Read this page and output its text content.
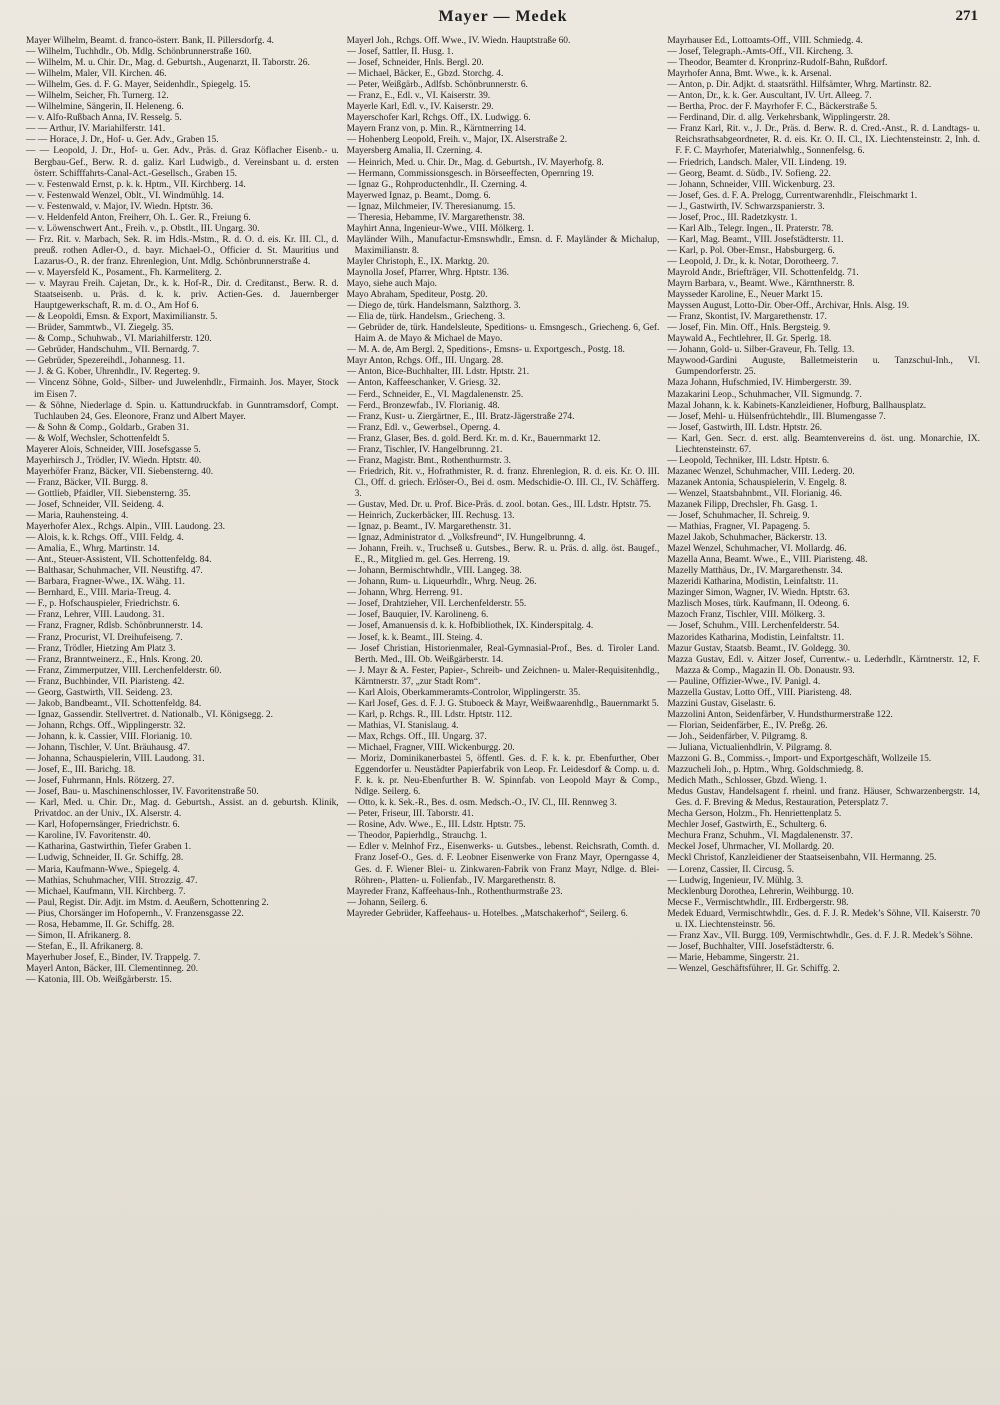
Mayer — Medek	271

Mayer Wilhelm, Beamt. d. franco-österr. Bank, II. Pillersdorfg. 4.

— Wilhelm, Tuchhdlr., Ob. Mdlg. Schönbrunnerstraße 160.

— Wilhelm, M. u. Chir. Dr., Mag. d. Geburtsh., Augenarzt, II. Taborstr. 26.

— Wilhelm, Maler, VII. Kirchen. 46.

— Wilhelm, Ges. d. F. G. Mayer, Seidenhdlr., Spiegelg. 15.

— Wilhelm, Seicher, Fh. Turnerg. 12.

— Wilhelmine, Sängerin, II. Heleneng. 6.

— v. Alfo-Rußbach Anna, IV. Resselg. 5.

— — Arthur, IV. Mariahilferstr. 141.

— — Horace, J. Dr., Hof- u. Ger. Adv., Graben 15.

— — Leopold, J. Dr., Hof- u. Ger. Adv., Präs. d. Graz Köflacher Eisenb.- u. Bergbau-Gef., Berw. R. d. galiz. Karl Ludwigb., d. Vereinsbant u. d. ersten österr. Schifffahrts-Canal-Act.-Gesellsch., Graben 15.

— v. Festenwald Ernst, p. k. k. Hptm., VII. Kirchberg. 14.

— v. Festenwald Wenzel, Oblt., VI. Windmühlg. 14.

— v. Festenwald, v. Major, IV. Wiedn. Hptstr. 36.

— v. Heldenfeld Anton, Freiherr, Oh. L. Ger. R., Freiung 6.

— v. Löwenschwert Ant., Freih. v., p. Obstlt., III. Ungarg. 30.

— Frz. Rit. v. Marbach, Sek. R. im Hdls.-Mstm., R. d. O. d. eis. Kr. III. Cl., d. preuß. rothen Adler-O., d. bayr. Michael-O., Officier d. St. Mauritius und Lazarus-O., R. der franz. Ehrenlegion, Unt. Mdlg. Schönbrunnerstraße 4.

— v. Mayersfeld K., Posament., Fh. Karmeliterg. 2.

— v. Mayrau Freih. Cajetan, Dr., k. k. Hof-R., Dir. d. Creditanst., Berw. R. d. Staatseisenb. u. Präs. d. k. k. priv. Actien-Ges. d. Jauernberger Hauptgewerkschaft, R. m. d. O., Am Hof 6.

— & Leopoldi, Emsn. & Export, Maximilianstr. 5.

— Brüder, Sammtwb., VI. Ziegelg. 35.

— & Comp., Schuhwab., VI. Mariahilferstr. 120.

— Gebrüder, Handschuhm., VII. Bernardg. 7.

— Gebrüder, Spezereihdl., Johannesg. 11.

— J. & G. Kober, Uhrenhdlr., IV. Regerteg. 9.

— Vincenz Söhne, Gold-, Silber- und Juwelenhdlr., Firmainh. Jos. Mayer, Stock im Eisen 7.

— & Söhne, Niederlage d. Spin. u. Kattundruckfab. in Gunntramsdorf, Compt. Tuchlauben 24, Ges. Eleonore, Franz und Albert Mayer.

— & Sohn & Comp., Goldarb., Graben 31.

— & Wolf, Wechsler, Schottenfeldt 5.

Mayerer Alois, Schneider, VIII. Josefsgasse 5.

Mayerhirsch J., Trödler, IV. Wiedn. Hptstr. 40.

Mayerhöfer Franz, Bäcker, VII. Siebensterng. 40.

— Franz, Bäcker, VII. Burgg. 8.

— Gottlieb, Pfaidler, VII. Siebensterng. 35.

— Josef, Schneider, VII. Seideng. 4.

— Maria, Rauhensteing. 4.

Mayerhofer Alex., Rchgs. Alpin., VIII. Laudong. 23.

— Alois, k. k. Rchgs. Off., VIII. Feldg. 4.

— Amalia, E., Whrg. Martinstr. 14.

— Ant., Steuer-Assistent, VII. Schottenfeldg. 84.

— Balthasar, Schuhmacher, VII. Neustiftg. 47.

— Barbara, Fragner-Wwe., IX. Wähg. 11.

— Bernhard, E., VIII. Maria-Treug. 4.

— F., p. Hofschauspieler, Friedrichstr. 6.

— Franz, Lehrer, VIII. Laudong. 31.

— Franz, Fragner, Rdlsb. Schönbrunnerstr. 14.

— Franz, Procurist, VI. Dreihufeiseng. 7.

— Franz, Trödler, Hietzing Am Platz 3.

— Franz, Branntweinerz., E., Hnls. Krong. 20.

— Franz, Zimmerputzer, VIII. Lerchenfelderstr. 60.

— Franz, Buchbinder, VII. Piaristeng. 42.

— Georg, Gastwirth, VII. Seideng. 23.

— Jakob, Bandbeamt., VII. Schottenfeldg. 84.

— Ignaz, Gassendir. Stellvertret. d. Nationalb., VI. Königsegg. 2.

— Johann, Rchgs. Off., Wipplingerstr. 32.

— Johann, k. k. Cassier, VIII. Florianig. 10.

— Johann, Tischler, V. Unt. Bräuhausg. 47.

— Johanna, Schauspielerin, VIII. Laudong. 31.

— Josef, E., III. Barichg. 18.

— Josef, Fuhrmann, Hnls. Rötzerg. 27.

— Josef, Bau- u. Maschinenschlosser, IV. Favoritenstraße 50.

— Karl, Med. u. Chir. Dr., Mag. d. Geburtsh., Assist. an d. geburtsh. Klinik, Privatdoc. an der Univ., IX. Alserstr. 4.

— Karl, Hofopernsänger, Friedrichstr. 6.

— Karoline, IV. Favoritenstr. 40.

— Katharina, Gastwirthin, Tiefer Graben 1.

— Ludwig, Schneider, II. Gr. Schiffg. 28.

— Maria, Kaufmann-Wwe., Spiegelg. 4.

— Mathias, Schuhmacher, VIII. Strozzig. 47.

— Michael, Kaufmann, VII. Kirchberg. 7.

— Paul, Regist. Dir. Adjt. im Mstm. d. Aeußern, Schottenring 2.

— Pius, Chorsänger im Hofopernh., V. Franzensgasse 22.

— Rosa, Hebamme, II. Gr. Schiffg. 28.

— Simon, II. Afrikanerg. 8.

— Stefan, E., II. Afrikanerg. 8.

Mayerhuber Josef, E., Binder, IV. Trappelg. 7.

Mayerl Anton, Bäcker, III. Clementinneg. 20.

— Katonia, III. Ob. Weißgärberstr. 15.

Mayerl Joh., Rchgs. Off. Wwe., IV. Wiedn. Hauptstraße 60.

— Josef, Sattler, II. Husg. 1.

— Josef, Schneider, Hnls. Bergl. 20.

— Michael, Bäcker, E., Gbzd. Storchg. 4.

— Peter, Weißgärb., Adlfsb. Schönbrunnerstr. 6.

— Franz, E., Edl. v., VI. Kaiserstr. 39.

Mayerle Karl, Edl. v., IV. Kaiserstr. 29.

Mayerschofer Karl, Rchgs. Off., IX. Ludwigg. 6.

Mayern Franz von, p. Min. R., Kärntnerring 14.

— Hohenberg Leopold, Freih. v., Major, IX. Alserstraße 2.

Mayersberg Amalia, II. Czerning. 4.

— Heinrich, Med. u. Chir. Dr., Mag. d. Geburtsh., IV. Mayerhofg. 8.

— Hermann, Commissionsgesch. in Börseeffecten, Opernring 19.

— Ignaz G., Rohproductenhdlr., II. Czerning. 4.

Mayerwed Ignaz, p. Beamt., Domg. 6.

— Ignaz, Milchmeier, IV. Theresianumg. 15.

— Theresia, Hebamme, IV. Margarethenstr. 38.

Mayhirt Anna, Ingenieur-Wwe., VIII. Mölkerg. 1.

Mayländer Wilh., Manufactur-Emsnswhdlr., Emsn. d. F. Mayländer & Michalup, Maximilianstr. 8.

Mayler Christoph, E., IX. Marktg. 20.

Maynolla Josef, Pfarrer, Whrg. Hptstr. 136.

Mayo, siehe auch Majo.

Mayo Abraham, Spediteur, Postg. 20.

— Diego de, türk. Handelsmann, Salzthorg. 3.

— Elia de, türk. Handelsm., Griecheng. 3.

— Gebrüder de, türk. Handelsleute, Speditions- u. Emsngesch., Griecheng. 6, Gef. Haim A. de Mayo & Michael de Mayo.

— M. A. de, Am Bergl. 2, Speditions-, Emsns- u. Exportgesch., Postg. 18.

Mayr Anton, Rchgs. Off., III. Ungarg. 28.

— Anton, Bice-Buchhalter, III. Ldstr. Hptstr. 21.

— Anton, Kaffeeschanker, V. Griesg. 32.

— Ferd., Schneider, E., VI. Magdalenenstr. 25.

— Ferd., Bronzewfab., IV. Florianig. 48.

— Franz, Kust- u. Ziergärtner, E., III. Bratz-Jägerstraße 274.

— Franz, Edl. v., Gewerbsel., Operng. 4.

— Franz, Glaser, Bes. d. gold. Berd. Kr. m. d. Kr., Bauernmarkt 12.

— Franz, Tischler, IV. Hangelbrunng. 21.

— Franz, Magistr. Bmt., Rothenthurmstr. 3.

— Friedrich, Rit. v., Hofrathmister, R. d. franz. Ehrenlegion, R. d. eis. Kr. O. III. Cl., Off. d. griech. Erlöser-O., Bei d. osm. Medschidie-O. III. Cl., IV. Schäfferg. 3.

— Gustav, Med. Dr. u. Prof. Bice-Präs. d. zool. botan. Ges., III. Ldstr. Hptstr. 75.

— Heinrich, Zuckerbäcker, III. Rechusg. 13.

— Ignaz, p. Beamt., IV. Margarethenstr. 31.

— Ignaz, Administrator d. „Volksfreund“, IV. Hungelbrunng. 4.

— Johann, Freih. v., Truchseß u. Gutsbes., Berw. R. u. Präs. d. allg. öst. Baugef., E., R., Mitglied m. gel. Ges. Herreng. 19.

— Johann, Bermischtwhdlr., VIII. Langeg. 38.

— Johann, Rum- u. Liqueurhdlr., Whrg. Neug. 26.

— Johann, Whrg. Herreng. 91.

— Josef, Drahtzieher, VII. Lerchenfelderstr. 55.

— Josef, Bauquier, IV. Karolineng. 6.

— Josef, Amanuensis d. k. k. Hofbibliothek, IX. Kinderspitalg. 4.

— Josef, k. k. Beamt., III. Steing. 4.

— Josef Christian, Historienmaler, Real-Gymnasial-Prof., Bes. d. Tiroler Land. Berth. Med., III. Ob. Weißgärberstr. 14.

— J. Mayr & A. Fester, Papier-, Schreib- und Zeichnen- u. Maler-Requisitenhdlg., Kärntnerstr. 37, „zur Stadt Rom“.

— Karl Alois, Oberkammeramts-Controlor, Wipplingerstr. 35.

— Karl Josef, Ges. d. F. J. G. Stuboeck & Mayr, Weißwaarenhdlg., Bauernmarkt 5.

— Karl, p. Rchgs. R., III. Ldstr. Hptstr. 112.

— Mathias, VI. Stanislaug. 4.

— Max, Rchgs. Off., III. Ungarg. 37.

— Michael, Fragner, VIII. Wickenburgg. 20.

— Moriz, Dominikanerbastei 5, öffentl. Ges. d. F. k. k. pr. Ebenfurther, Ober Eggendorfer u. Neustädter Papierfabrik von Leop. Fr. Leidesdorf & Comp. u. d. F. k. k. pr. Neu-Ebenfurther B. W. Spinnfab. von Leopold Mayr & Comp., Ndlge. Seilerg. 6.

— Otto, k. k. Sek.-R., Bes. d. osm. Medsch.-O., IV. Cl., III. Rennweg 3.

— Peter, Friseur, III. Taborstr. 41.

— Rosine, Adv. Wwe., E., III. Ldstr. Hptstr. 75.

— Theodor, Papierhdlg., Strauchg. 1.

— Edler v. Melnhof Frz., Eisenwerks- u. Gutsbes., lebenst. Reichsrath, Comth. d. Franz Josef-O., Ges. d. F. Leobner Eisenwerke von Franz Mayr, Operngasse 4, Ges. d. F. Wiener Blei- u. Zinkwaren-Fabrik von Franz Mayr, Ndlge. d. Blei-Röhren-, Platten- u. Folienfab., IV. Margarethenstr. 8.

Mayreder Franz, Kaffeehaus-Inh., Rothenthurmstraße 23.

— Johann, Seilerg. 6.

Mayreder Gebrüder, Kaffeehaus- u. Hotelbes. „Matschakerhof“, Seilerg. 6.

Mayrhauser Ed., Lottoamts-Off., VIII. Schmiedg. 4.

— Josef, Telegraph.-Amts-Off., VII. Kircheng. 3.

— Theodor, Beamter d. Kronprinz-Rudolf-Bahn, Rußdorf.

Mayrhofer Anna, Bmt. Wwe., k. k. Arsenal.

— Anton, p. Dir. Adjkt. d. staatsräthl. Hilfsämter, Whrg. Martinstr. 82.

— Anton, Dr., k. k. Ger. Auscultant, IV. Urt. Alleeg. 7.

— Bertha, Proc. der F. Mayrhofer F. C., Bäckerstraße 5.

— Ferdinand, Dir. d. allg. Verkehrsbank, Wipplingerstr. 28.

— Franz Karl, Rit. v., J. Dr., Präs. d. Berw. R. d. Cred.-Anst., R. d. Landtags- u. Reichsrathsabgeordneter, R. d. eis. Kr. O. II. Cl., IX. Liechtensteinstr. 2, Inh. d. F. F. C. Mayrhofer, Materialwhlg., Sonnenfelsg. 6.

— Friedrich, Landsch. Maler, VII. Lindeng. 19.

— Georg, Beamt. d. Südb., IV. Sofieng. 22.

— Johann, Schneider, VIII. Wickenburg. 23.

— Josef, Ges. d. F. A. Prelogg, Currentwarenhdlr., Fleischmarkt 1.

— J., Gastwirth, IV. Schwarzspanierstr. 3.

— Josef, Proc., III. Radetzkystr. 1.

— Karl Alb., Telegr. Ingen., II. Praterstr. 78.

— Karl, Mag. Beamt., VIII. Josefstädterstr. 11.

— Karl, p. Pol. Ober-Emsr., Habsburgerg. 6.

— Leopold, J. Dr., k. k. Notar, Dorotheerg. 7.

Mayrold Andr., Briefträger, VII. Schottenfeldg. 71.

Mayrn Barbara, v., Beamt. Wwe., Kärnthnerstr. 8.

Maysseder Karoline, E., Neuer Markt 15.

Mayssen August, Lotto-Dir. Ober-Off., Archivar, Hnls. Alsg. 19.

— Franz, Skontist, IV. Margarethenstr. 17.

— Josef, Fin. Min. Off., Hnls. Bergsteig. 9.

Maywald A., Fechtlehrer, II. Gr. Sperlg. 18.

— Johann, Gold- u. Silber-Graveur, Fh. Tellg. 13.

Maywood-Gardini Auguste, Balletmeisterin u. Tanzschul-Inh., VI. Gumpendorferstr. 25.

Maza Johann, Hufschmied, IV. Himbergerstr. 39.

Mazakarini Leop., Schuhmacher, VII. Sigmundg. 7.

Mazal Johann, k. k. Kabinets-Kanzleidiener, Hofburg, Ballhausplatz.

— Josef, Mehl- u. Hülsenfrüchtehdlr., III. Blumengasse 7.

— Josef, Gastwirth, III. Ldstr. Hptstr. 26.

— Karl, Gen. Secr. d. erst. allg. Beamtenvereins d. öst. ung. Monarchie, IX. Liechtensteinstr. 67.

— Leopold, Techniker, III. Ldstr. Hptstr. 6.

Mazanec Wenzel, Schuhmacher, VIII. Lederg. 20.

Mazanek Antonia, Schauspielerin, V. Engelg. 8.

— Wenzel, Staatsbahnbmt., VII. Florianig. 46.

Mazanek Filipp, Drechsler, Fh. Gasg. 1.

— Josef, Schuhmacher, II. Schreig. 9.

— Mathias, Fragner, VI. Papageng. 5.

Mazel Jakob, Schuhmacher, Bäckerstr. 13.

Mazel Wenzel, Schuhmacher, VI. Mollardg. 46.

Mazella Anna, Beamt. Wwe., E., VIII. Piaristeng. 48.

Mazelly Matthäus, Dr., IV. Margarethenstr. 34.

Mazeridi Katharina, Modistin, Leinfaltstr. 11.

Mazinger Simon, Wagner, IV. Wiedn. Hptstr. 63.

Mazlisch Moses, türk. Kaufmann, II. Odeong. 6.

Mazoch Franz, Tischler, VIII. Mölkerg. 3.

— Josef, Schuhm., VIII. Lerchenfelderstr. 54.

Mazorides Katharina, Modistin, Leinfaltstr. 11.

Mazur Gustav, Staatsb. Beamt., IV. Goldegg. 30.

Mazza Gustav, Edl. v. Aitzer Josef, Currentw.- u. Lederhdlr., Kärntnerstr. 12, F. Mazza & Comp., Magazin II. Ob. Donaustr. 93.

— Pauline, Offizier-Wwe., IV. Panigl. 4.

Mazzella Gustav, Lotto Off., VIII. Piaristeng. 48.

Mazzini Gustav, Giselastr. 6.

Mazzolini Anton, Seidenfärber, V. Hundsthurmerstraße 122.

— Florian, Seidenfärber, E., IV. Preßg. 26.

— Joh., Seidenfärber, V. Pilgramg. 8.

— Juliana, Victualienhdlrin, V. Pilgramg. 8.

Mazzoni G. B., Commiss.-, Import- und Exportgeschäft, Wollzeile 15.

Mazzucheli Joh., p. Hptm., Whrg. Goldschmiedg. 8.

Medich Math., Schlosser, Gbzd. Wieng. 1.

Medus Gustav, Handelsagent f. rheinl. und franz. Häuser, Schwarzenbergstr. 14, Ges. d. F. Breving & Medus, Restauration, Petersplatz 7.

Mecha Gerson, Holzm., Fh. Henriettenplatz 5.

Mechler Josef, Gastwirth, E., Schulterg. 6.

Mechura Franz, Schuhm., VI. Magdalenenstr. 37.

Meckel Josef, Uhrmacher, VI. Mollardg. 20.

Meckl Christof, Kanzleidiener der Staatseisenbahn, VII. Hermanng. 25.

— Lorenz, Cassier, II. Circusg. 5.

— Ludwig, Ingenieur, IV. Mühlg. 3.

Mecklenburg Dorothea, Lehrerin, Weihburgg. 10.

Mecse F., Vermischtwhdlr., III. Erdbergerstr. 98.

Medek Eduard, Vermischtwhdlr., Ges. d. F. J. R. Medek’s Söhne, VII. Kaiserstr. 70 u. IX. Liechtensteinstr. 56.

— Franz Xav., VII. Burgg. 109, Vermischtwhdlr., Ges. d. F. J. R. Medek’s Söhne.

— Josef, Buchhalter, VIII. Josefstädterstr. 6.

— Marie, Hebamme, Singerstr. 21.

— Wenzel, Geschäftsführer, II. Gr. Schiffg. 2.
